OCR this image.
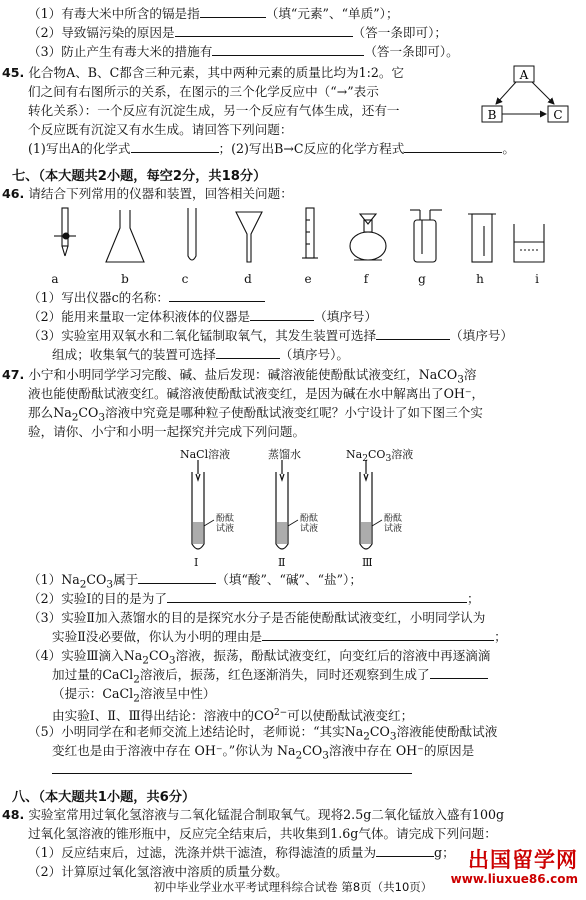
（1）有毒大米中所含的镉是指	（填“元素”、“单质”）；
（2）导致镉污染的原因是	（答一条即可）；
（3）防止产生有毒大米的措施有	（答一条即可）。
45. 化合物A、B、C都含三种元素，其中两种元素的质量比均为1:2。它
们之间有右图所示的关系，在图示的三个化学反应中（“→”表示
转化关系）：一个反应有沉淀生成，另一个反应有气体生成，还有一
个反应既有沉淀又有水生成。请回答下列问题：
(1)写出A的化学式	；(2)写出B→C反应的化学方程式	。
A
B	C
七、（本大题共2小题，每空2分，共18分）
46. 请结合下列常用的仪器和装置，回答相关问题：
a	b	c	d	e	f	g	h	i
（1）写出仪器c的名称：
（2）能用来量取一定体积液体的仪器是	（填序号）
（3）实验室用双氧水和二氧化锰制取氧气，其发生装置可选择	（填序号）
组成；收集氧气的装置可选择	（填序号）。
47. 小宁和小明同学学习完酸、碱、盐后发现：碱溶液能使酚酞试液变红，NaCO$_3$溶
液也能使酚酞试液变红。碱溶液使酚酞试液变红，是因为碱在水中解离出了OH⁻，
那么$Na_2CO_3$溶液中究竟是哪种粒子使酚酞试液变红呢？小宁设计了如下图三个实
验，请你、小宁和小明一起探究并完成下列问题。
NaCl溶液	蒸馏水	$Na_2CO_3$溶液
酚酞试液
酚酞试液
酚酞试液
Ⅰ	Ⅱ	Ⅲ
$(1)Na_2CO_3$属于	（填“酸”、“碱”、“盐”）；
（2）实验Ⅰ的目的是为了	；
（3）实验Ⅱ加入蒸馏水的目的是探究水分子是否能使酚酞试液变红，小明同学认为
实验Ⅱ没必要做，你认为小明的理由是	；
（4）实验Ⅲ滴入$Na_2CO_3$溶液，振荡，酚酞试液变红，向变红后的溶液中再逐滴滴
加过量的CaCl$_2$溶液后，振荡，红色逐渐消失，同时还观察到生成了
（提示：CaCl$_2$溶液呈中性）
由实验Ⅰ、Ⅱ、Ⅲ得出结论：溶液中的$CO^{2-}$可以使酚酞试液变红；
（5）小明同学在和老师交流上述结论时，老师说：“其实$Na_2CO_3$溶液能使酚酞试液
变红也是由于溶液中存在 OH⁻。”你认为 $Na_2CO_3$溶液中存在 OH⁻的原因是
八、（本大题共1小题，共6分）
48. 实验室常用过氧化氢溶液与二氧化锰混合制取氧气。现将2.5g二氧化锰放入盛有100g
过氧化氢溶液的锥形瓶中，反应完全结束后，共收集到1.6g气体。请完成下列问题：
（1）反应结束后，过滤，洗涤并烘干滤渣，称得滤渣的质量为	g；
（2）计算原过氧化氢溶液中溶质的质量分数。
初中毕业学业水平考试理科综合试卷 第8页（共10页）
出国留学网
www.liuxue86.com
